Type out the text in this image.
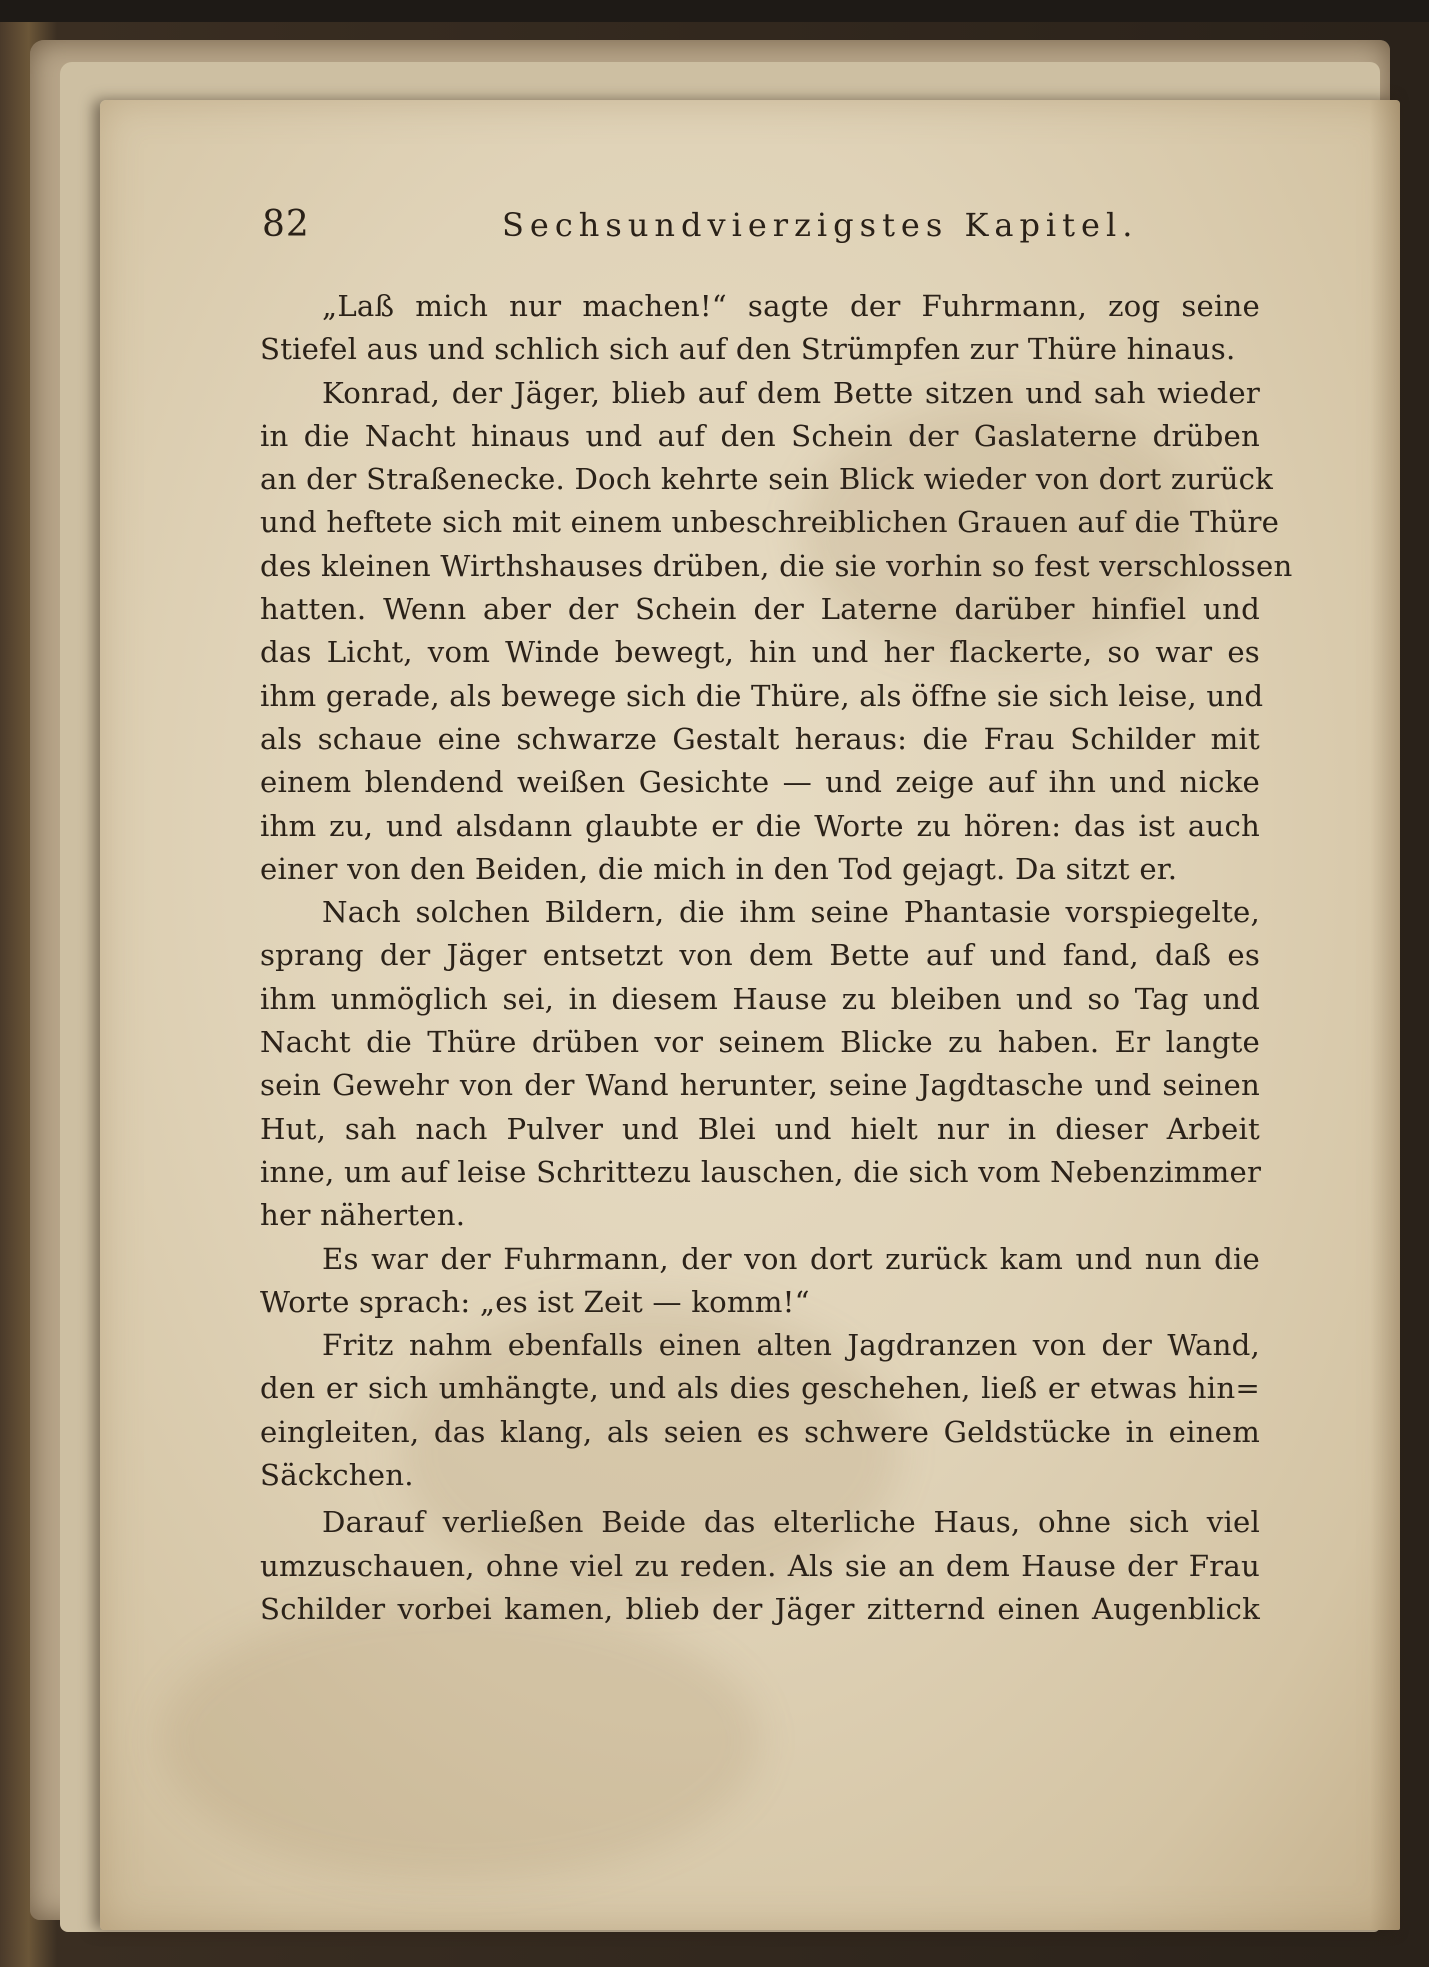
82	Sechsundvierzigstes Kapitel.
„Laß mich nur machen!“ sagte der Fuhrmann, zog seine
Stiefel aus und schlich sich auf den Strümpfen zur Thüre hinaus.
Konrad, der Jäger, blieb auf dem Bette sitzen und sah wieder
in die Nacht hinaus und auf den Schein der Gaslaterne drüben
an der Straßenecke. Doch kehrte sein Blick wieder von dort zurück
und heftete sich mit einem unbeschreiblichen Grauen auf die Thüre
des kleinen Wirthshauses drüben, die sie vorhin so fest verschlossen
hatten. Wenn aber der Schein der Laterne darüber hinfiel und
das Licht, vom Winde bewegt, hin und her flackerte, so war es
ihm gerade, als bewege sich die Thüre, als öffne sie sich leise, und
als schaue eine schwarze Gestalt heraus: die Frau Schilder mit
einem blendend weißen Gesichte — und zeige auf ihn und nicke
ihm zu, und alsdann glaubte er die Worte zu hören: das ist auch
einer von den Beiden, die mich in den Tod gejagt. Da sitzt er.
Nach solchen Bildern, die ihm seine Phantasie vorspiegelte,
sprang der Jäger entsetzt von dem Bette auf und fand, daß es
ihm unmöglich sei, in diesem Hause zu bleiben und so Tag und
Nacht die Thüre drüben vor seinem Blicke zu haben. Er langte
sein Gewehr von der Wand herunter, seine Jagdtasche und seinen
Hut, sah nach Pulver und Blei und hielt nur in dieser Arbeit
inne, um auf leise Schrittezu lauschen, die sich vom Nebenzimmer
her näherten.
Es war der Fuhrmann, der von dort zurück kam und nun die
Worte sprach: „es ist Zeit — komm!“
Fritz nahm ebenfalls einen alten Jagdranzen von der Wand,
den er sich umhängte, und als dies geschehen, ließ er etwas hin=
eingleiten, das klang, als seien es schwere Geldstücke in einem
Säckchen.
Darauf verließen Beide das elterliche Haus, ohne sich viel
umzuschauen, ohne viel zu reden. Als sie an dem Hause der Frau
Schilder vorbei kamen, blieb der Jäger zitternd einen Augenblick
